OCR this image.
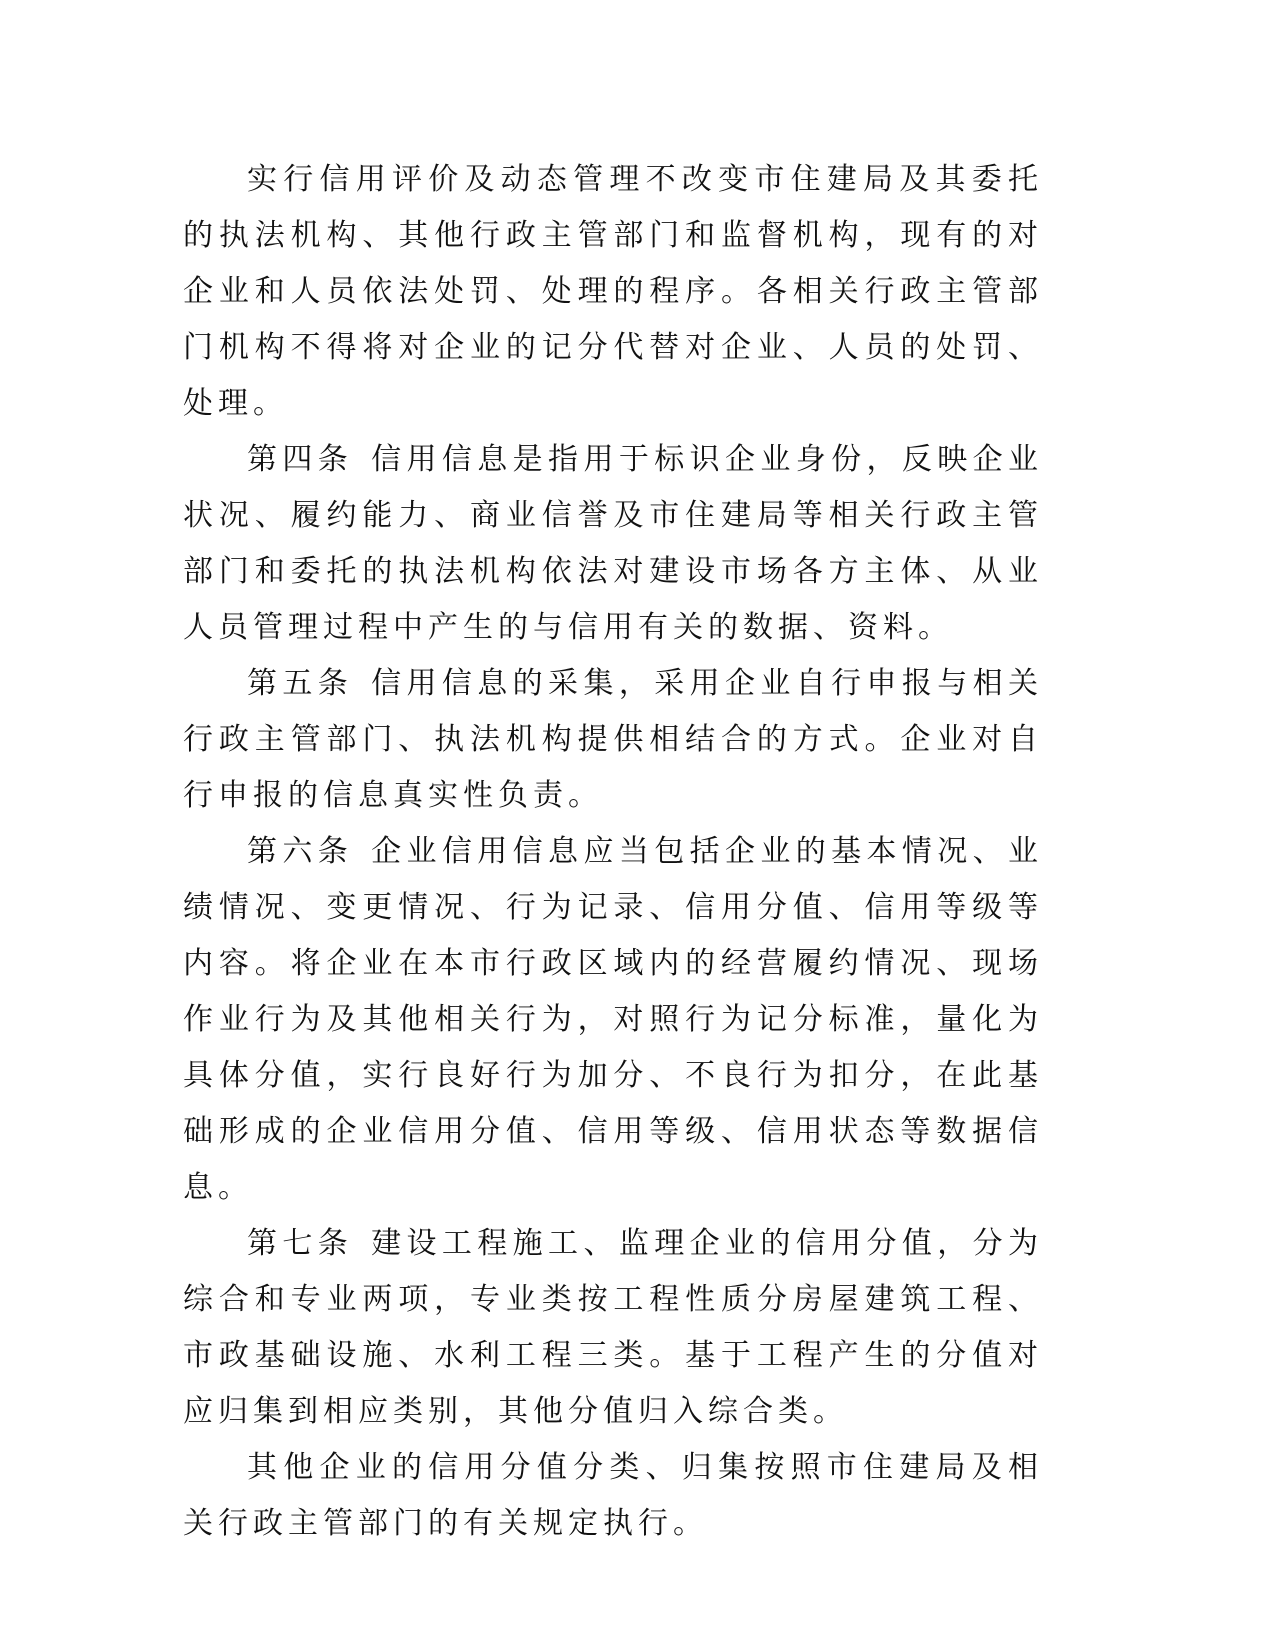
实行信用评价及动态管理不改变市住建局及其委托的执法机构、其他行政主管部门和监督机构，现有的对企业和人员依法处罚、处理的程序。各相关行政主管部门机构不得将对企业的记分代替对企业、人员的处罚、处理。

第四条 信用信息是指用于标识企业身份，反映企业状况、履约能力、商业信誉及市住建局等相关行政主管部门和委托的执法机构依法对建设市场各方主体、从业人员管理过程中产生的与信用有关的数据、资料。

第五条 信用信息的采集，采用企业自行申报与相关行政主管部门、执法机构提供相结合的方式。企业对自行申报的信息真实性负责。

第六条 企业信用信息应当包括企业的基本情况、业绩情况、变更情况、行为记录、信用分值、信用等级等内容。将企业在本市行政区域内的经营履约情况、现场作业行为及其他相关行为，对照行为记分标准，量化为具体分值，实行良好行为加分、不良行为扣分，在此基础形成的企业信用分值、信用等级、信用状态等数据信息。

第七条 建设工程施工、监理企业的信用分值，分为综合和专业两项，专业类按工程性质分房屋建筑工程、市政基础设施、水利工程三类。基于工程产生的分值对应归集到相应类别，其他分值归入综合类。

其他企业的信用分值分类、归集按照市住建局及相关行政主管部门的有关规定执行。
